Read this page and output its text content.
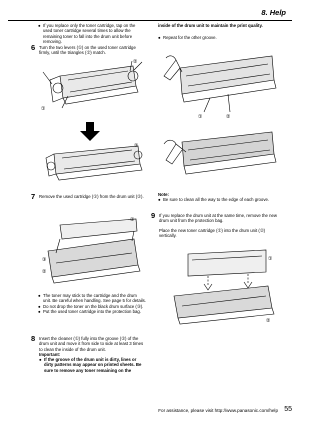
8. Help
● If you replace only the toner cartridge, tap on the used toner cartridge several times to allow the remaining toner to fall into the drum unit before removing.
6 Turn the two levers (①) on the used toner cartridge firmly, until the triangles (②) match.
①
②
②
7 Remove the used cartridge (①) from the drum unit (②).
①
③
②
● The toner may stick to the cartridge and the drum unit. Be careful when handling. See page 5 for details.
● Do not drop the toner on the black drum surface (③).
● Put the used toner cartridge into the protection bag.
8 Insert the cleaner (①) fully into the groove (②) of the drum unit and move it from side to side at least 3 times to clean the inside of the drum unit.
Important:
● If the groove of the drum unit is dirty, lines or dirty patterns may appear on printed sheets. Be sure to remove any toner remaining on the
inside of the drum unit to maintain the print quality.
● Repeat for the other groove.
①	②
Note:
● Be sure to clean all the way to the edge of each groove.
9 If you replace the drum unit at the same time, remove the new drum unit from the protection bag.
Place the new toner cartridge (①) into the drum unit (②) vertically.
①
②
For assistance, please visit http://www.panasonic.com/help 55
